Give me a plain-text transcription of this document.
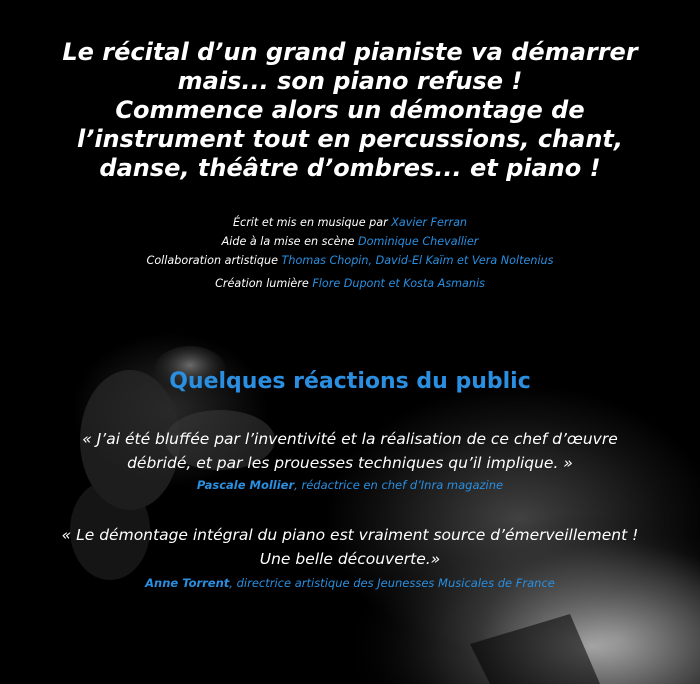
Le récital d’un grand pianiste va démarrer
mais... son piano refuse !
Commence alors un démontage de
l’instrument tout en percussions, chant,
danse, théâtre d’ombres... et piano !
Écrit et mis en musique par Xavier Ferran
Aide à la mise en scène Dominique Chevallier
Collaboration artistique Thomas Chopin, David-El Kaïm et Vera Noltenius
Création lumière Flore Dupont et Kosta Asmanis
Quelques réactions du public
« J’ai été bluffée par l’inventivité et la réalisation de ce chef d’œuvre
débridé, et par les prouesses techniques qu’il implique. »
Pascale Mollier, rédactrice en chef d’Inra magazine
« Le démontage intégral du piano est vraiment source d’émerveillement !
Une belle découverte.»
Anne Torrent, directrice artistique des Jeunesses Musicales de France
